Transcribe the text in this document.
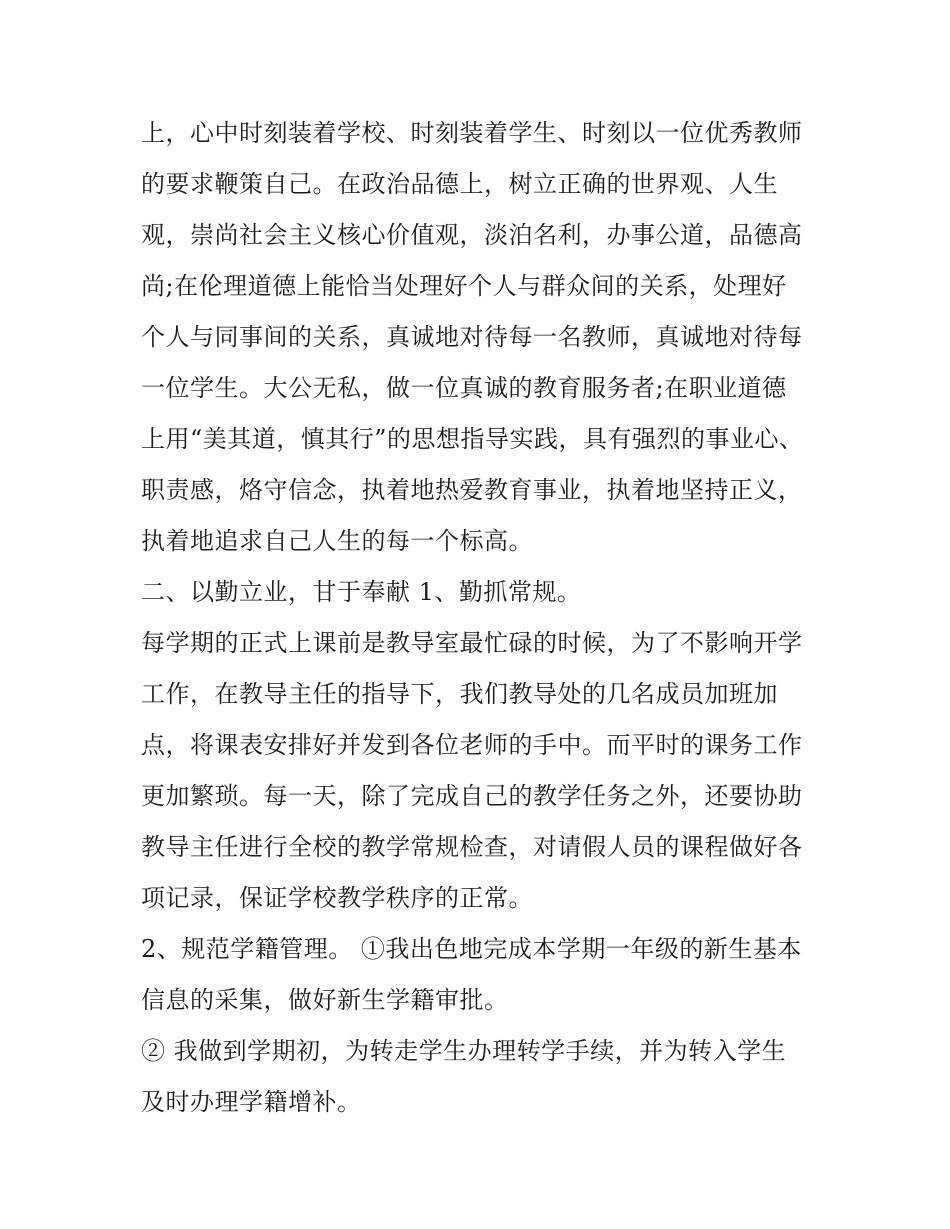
上，心中时刻装着学校、时刻装着学生、时刻以一位优秀教师
的要求鞭策自己。在政治品德上，树立正确的世界观、人生
观，崇尚社会主义核心价值观，淡泊名利，办事公道，品德高
尚;在伦理道德上能恰当处理好个人与群众间的关系，处理好
个人与同事间的关系，真诚地对待每一名教师，真诚地对待每
一位学生。大公无私，做一位真诚的教育服务者;在职业道德
上用“美其道，慎其行”的思想指导实践，具有强烈的事业心、
职责感，烙守信念，执着地热爱教育事业，执着地坚持正义，
执着地追求自己人生的每一个标高。
二、以勤立业，甘于奉献 1、勤抓常规。
每学期的正式上课前是教导室最忙碌的时候，为了不影响开学
工作，在教导主任的指导下，我们教导处的几名成员加班加
点，将课表安排好并发到各位老师的手中。而平时的课务工作
更加繁琐。每一天，除了完成自己的教学任务之外，还要协助
教导主任进行全校的教学常规检查，对请假人员的课程做好各
项记录，保证学校教学秩序的正常。
2、规范学籍管理。 ①我出色地完成本学期一年级的新生基本
信息的采集，做好新生学籍审批。
② 我做到学期初，为转走学生办理转学手续，并为转入学生
及时办理学籍增补。
